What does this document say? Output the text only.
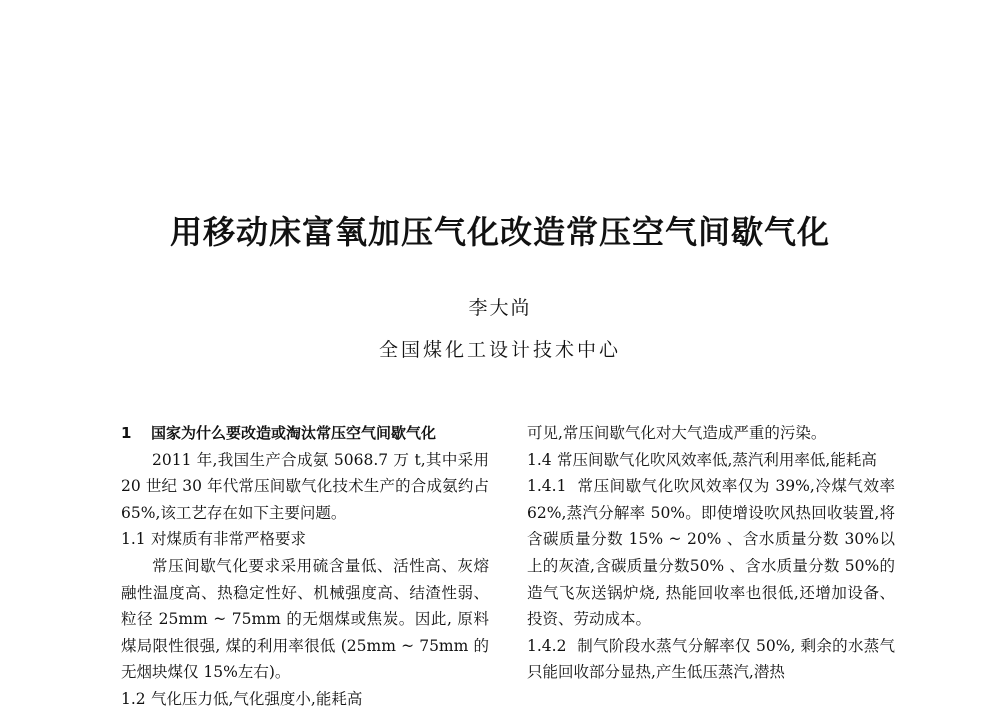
用移动床富氧加压气化改造常压空气间歇气化
李大尚
全国煤化工设计技术中心

1 国家为什么要改造或淘汰常压空气间歇气化

2011 年,我国生产合成氨 5068.7 万 t,其中采用 20 世纪 30 年代常压间歇气化技术生产的合成氨约占 65%,该工艺存在如下主要问题。

1.1 对煤质有非常严格要求

常压间歇气化要求采用硫含量低、活性高、灰熔融性温度高、热稳定性好、机械强度高、结渣性弱、粒径 25mm ~ 75mm 的无烟煤或焦炭。因此, 原料煤局限性很强, 煤的利用率很低 (25mm ~ 75mm 的无烟块煤仅 15%左右)。

1.2 气化压力低,气化强度小,能耗高

可见,常压间歇气化对大气造成严重的污染。

1.4 常压间歇气化吹风效率低,蒸汽利用率低,能耗高

1.4.1 常压间歇气化吹风效率仅为 39%,冷煤气效率 62%,蒸汽分解率 50%。即使增设吹风热回收装置,将含碳质量分数 15% ~ 20% 、含水质量分数 30%以上的灰渣,含碳质量分数50% 、含水质量分数 50%的造气飞灰送锅炉烧, 热能回收率也很低,还增加设备、投资、劳动成本。

1.4.2 制气阶段水蒸气分解率仅 50%, 剩余的水蒸气只能回收部分显热,产生低压蒸汽,潜热
